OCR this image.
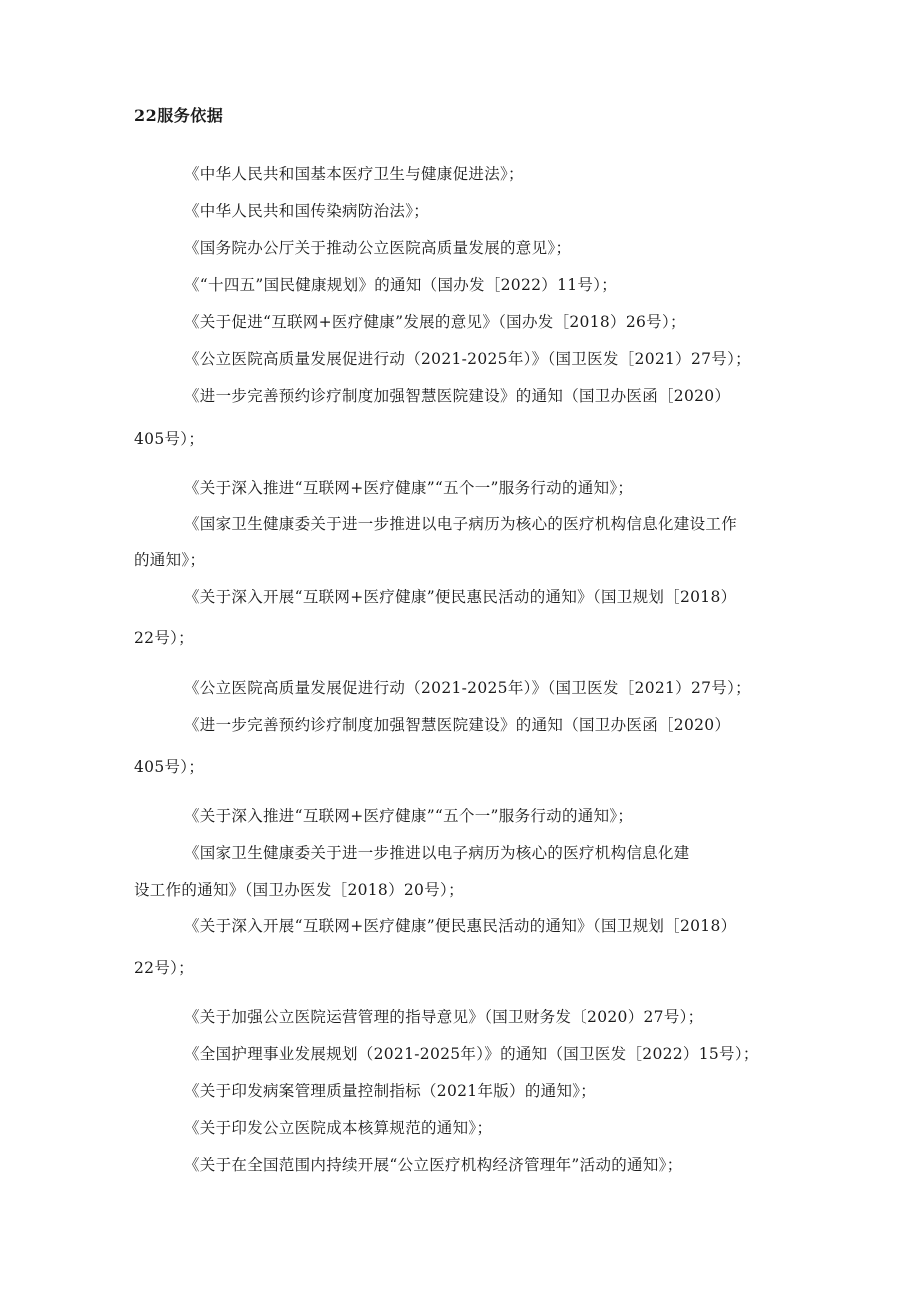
22服务依据
《中华人民共和国基本医疗卫生与健康促进法》；
《中华人民共和国传染病防治法》；
《国务院办公厅关于推动公立医院高质量发展的意见》；
《“十四五”国民健康规划》的通知（国办发［2022）11号）；
《关于促进“互联网+医疗健康”发展的意见》（国办发［2018）26号）；
《公立医院高质量发展促进行动（2021-2025年）》（国卫医发［2021）27号）；
《进一步完善预约诊疗制度加强智慧医院建设》的通知（国卫办医函［2020）
405号）；
《关于深入推进“互联网+医疗健康”“五个一”服务行动的通知》；
《国家卫生健康委关于进一步推进以电子病历为核心的医疗机构信息化建设工作
的通知》；
《关于深入开展“互联网+医疗健康”便民惠民活动的通知》（国卫规划［2018）
22号）；
《公立医院高质量发展促进行动（2021-2025年）》（国卫医发［2021）27号）；
《进一步完善预约诊疗制度加强智慧医院建设》的通知（国卫办医函［2020）
405号）；
《关于深入推进“互联网+医疗健康”“五个一”服务行动的通知》；
《国家卫生健康委关于进一步推进以电子病历为核心的医疗机构信息化建
设工作的通知》（国卫办医发［2018）20号）；
《关于深入开展“互联网+医疗健康”便民惠民活动的通知》（国卫规划［2018）
22号）；
《关于加强公立医院运营管理的指导意见》（国卫财务发〔2020）27号）；
《全国护理事业发展规划（2021-2025年）》的通知（国卫医发［2022）15号）；
《关于印发病案管理质量控制指标（2021年版）的通知》；
《关于印发公立医院成本核算规范的通知》；
《关于在全国范围内持续开展“公立医疗机构经济管理年”活动的通知》；
